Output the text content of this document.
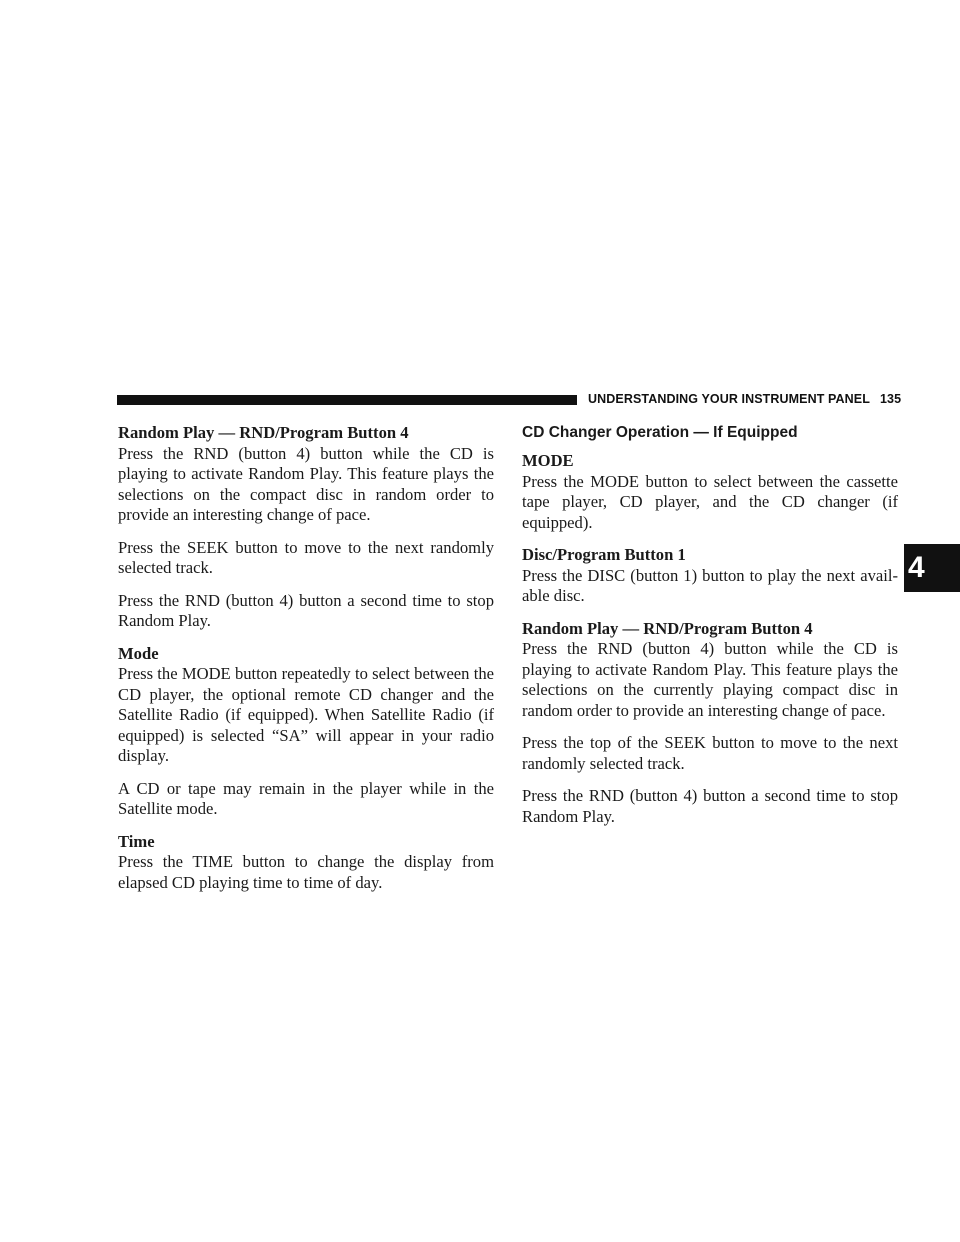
UNDERSTANDING YOUR INSTRUMENT PANEL 135
4

Random Play — RND/Program Button 4

Press the RND (button 4) button while the CD is playing to activate Random Play. This feature plays the selections on the compact disc in random order to provide an interesting change of pace.

Press the SEEK button to move to the next randomly selected track.

Press the RND (button 4) button a second time to stop Random Play.

Mode

Press the MODE button repeatedly to select between the CD player, the optional remote CD changer and the Satellite Radio (if equipped). When Satellite Radio (if equipped) is selected “SA” will appear in your radio display.

A CD or tape may remain in the player while in the Satellite mode.

Time

Press the TIME button to change the display from elapsed CD playing time to time of day.

CD Changer Operation — If Equipped

MODE

Press the MODE button to select between the cassette tape player, CD player, and the CD changer (if equipped).

Disc/Program Button 1

Press the DISC (button 1) button to play the next avail-able disc.

Random Play — RND/Program Button 4

Press the RND (button 4) button while the CD is playing to activate Random Play. This feature plays the selections on the currently playing compact disc in random order to provide an interesting change of pace.

Press the top of the SEEK button to move to the next randomly selected track.

Press the RND (button 4) button a second time to stop Random Play.
